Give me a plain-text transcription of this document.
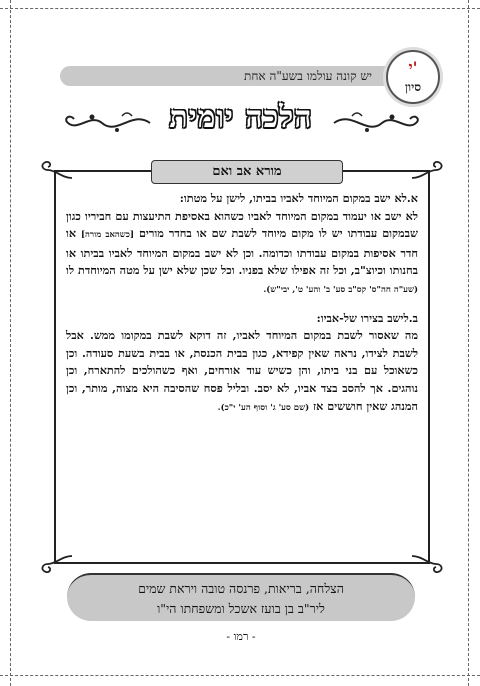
יש קונה עולמו בשע"ה אחת	י'
סיון
הלכה יומית
מורא אב ואם

א.לא ישב במקום המיוחד לאביו בביתו, לישן על מטתו:
לא ישב או יעמוד במקום המיוחד לאביו כשהוא באסיפת התיעצות עם חביריו כגון שבמקום עבודתו יש לו מקום מיוחד לשבת שם או בחדר מורים [כשהאב מורה] או חדר אסיפות במקום עבודתו וכדומה. וכן לא ישב במקום המיוחד לאביו בביתו או בחנותו וכיוצ"ב, וכל זה אפילו שלא בפניו. וכל שכן שלא ישן על מטה המיוחדת לו (שע"ה חה"ס' קס"ב סע' ב' והע' ט', יבי"ש).

ב.לישב בצירו של-אביו:
מה שאסור לשבת במקום המיוחד לאביו, זה דוקא לשבת במקומו ממש. אבל לשבת לצידו, נראה שאין קפידא, כגון בבית הכנסת, או בבית בשעת סעודה. וכן כשאוכל עם בני ביתו, והן כשיש עוד אורחים, ואף כשהולכים להתארח, וכן נוהגים. אך להסב בצד אביו, לא יסב. ובליל פסח שהסיבה היא מצוה, מותר, וכן המנהג שאין חוששים אז (שם סע' ג' וסוף הע' י"כ).

הצלחה, בריאות, פרנסה טובה ויראת שמים
ליר"ב בן בועז אשכל ומשפחתו הי"ו
- רמו -
